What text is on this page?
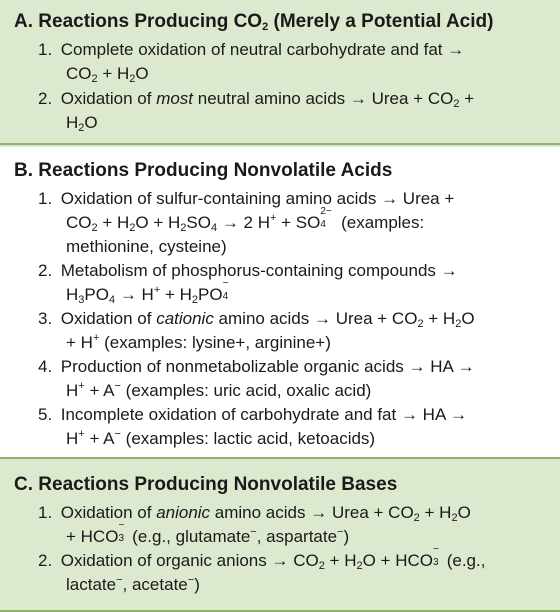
A. Reactions Producing $CO_2$ (Merely a Potential Acid)
1. Complete oxidation of neutral carbohydrate and fat →
$CO_2 + H_2O$
2. Oxidation of most neutral amino acids → Urea + $CO_2$ +
$H_2O$
B. Reactions Producing Nonvolatile Acids
1. Oxidation of sulfur-containing amino acids → Urea +
$CO_2 + H_2O + H_2SO_4 \to 2$ H+ + SO
2−
4 (examples:
methionine, cysteine)
2. Metabolism of phosphorus-containing compounds →
$H_3PO_4 \to H^+ + H_2PO$
−
4
3. Oxidation of cationic amino acids → Urea + $CO_2 + H_2O$
+ H+ (examples: lysine+, arginine+)
4. Production of nonmetabolizable organic acids → HA →
H+ + A− (examples: uric acid, oxalic acid)
5. Incomplete oxidation of carbohydrate and fat → HA →
H+ + A− (examples: lactic acid, ketoacids)
C. Reactions Producing Nonvolatile Bases
1. Oxidation of anionic amino acids → Urea + $CO_2 + H_2O$
+ HCO
−
3 (e.g., glutamate−, aspartate−)
2. Oxidation of organic anions → $CO_2 + H_2O$ + HCO
−
3 (e.g.,
lactate−, acetate−)
